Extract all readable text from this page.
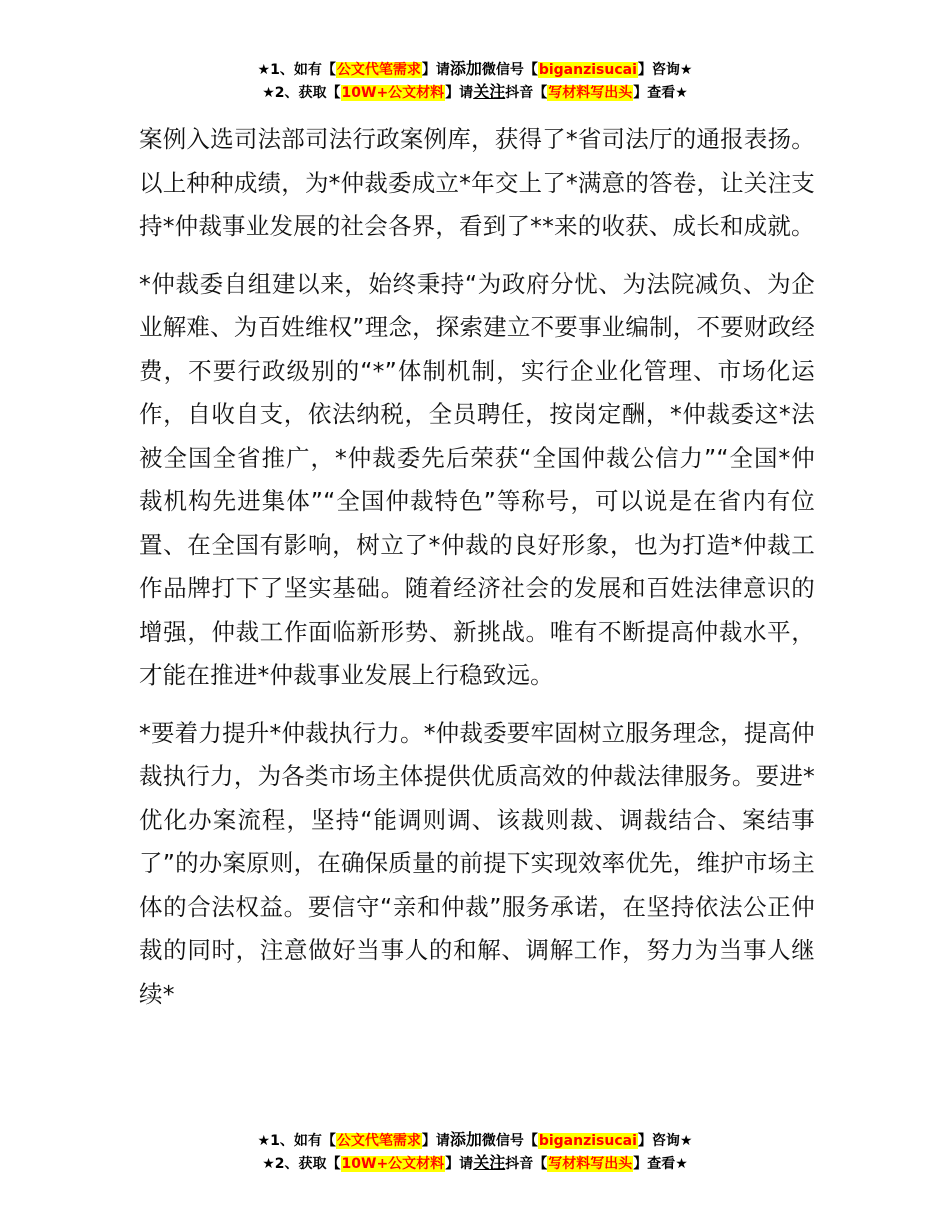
★1、如有【公文代笔需求】请添加微信号【biganzisucai】咨询★
★2、获取【10W+公文材料】请关注抖音【写材料写出头】查看★

案例入选司法部司法行政案例库，获得了*省司法厅的通报表扬。以上种种成绩，为*仲裁委成立*年交上了*满意的答卷，让关注支持*仲裁事业发展的社会各界，看到了**来的收获、成长和成就。

*仲裁委自组建以来，始终秉持“为政府分忧、为法院减负、为企业解难、为百姓维权”理念，探索建立不要事业编制，不要财政经费，不要行政级别的“*”体制机制，实行企业化管理、市场化运作，自收自支，依法纳税，全员聘任，按岗定酬，*仲裁委这*法被全国全省推广，*仲裁委先后荣获“全国仲裁公信力”“全国*仲裁机构先进集体”“全国仲裁特色”等称号，可以说是在省内有位置、在全国有影响，树立了*仲裁的良好形象，也为打造*仲裁工作品牌打下了坚实基础。随着经济社会的发展和百姓法律意识的增强，仲裁工作面临新形势、新挑战。唯有不断提高仲裁水平，才能在推进*仲裁事业发展上行稳致远。

*要着力提升*仲裁执行力。*仲裁委要牢固树立服务理念，提高仲裁执行力，为各类市场主体提供优质高效的仲裁法律服务。要进*优化办案流程，坚持“能调则调、该裁则裁、调裁结合、案结事了”的办案原则，在确保质量的前提下实现效率优先，维护市场主体的合法权益。要信守“亲和仲裁”服务承诺，在坚持依法公正仲裁的同时，注意做好当事人的和解、调解工作，努力为当事人继续*

★1、如有【公文代笔需求】请添加微信号【biganzisucai】咨询★
★2、获取【10W+公文材料】请关注抖音【写材料写出头】查看★
